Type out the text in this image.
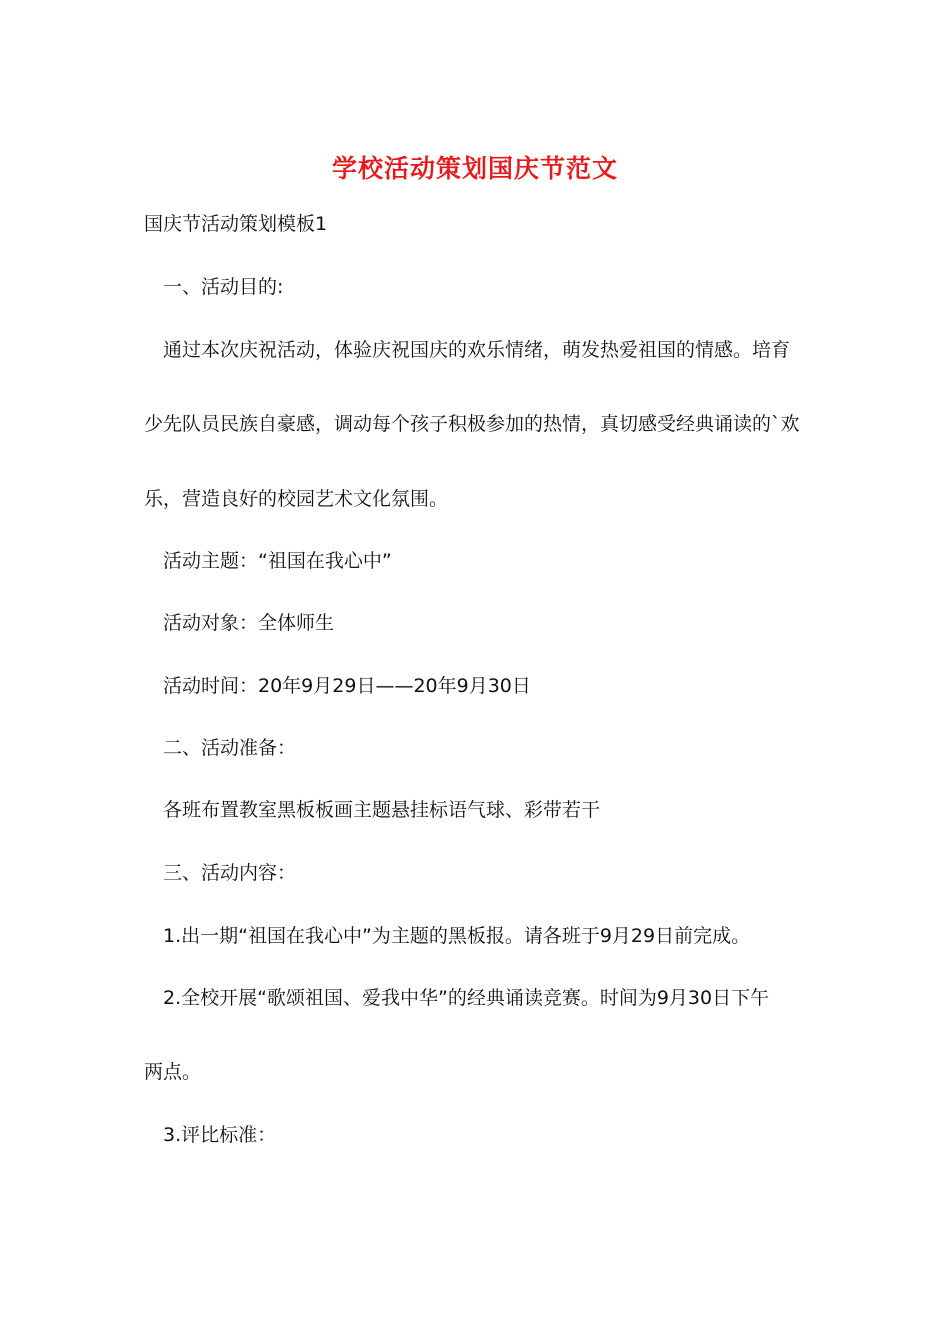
学校活动策划国庆节范文
国庆节活动策划模板1
一、活动目的:
通过本次庆祝活动，体验庆祝国庆的欢乐情绪，萌发热爱祖国的情感。培育
少先队员民族自豪感，调动每个孩子积极参加的热情，真切感受经典诵读的`欢
乐，营造良好的校园艺术文化氛围。
活动主题：“祖国在我心中”
活动对象：全体师生
活动时间：20年9月29日——20年9月30日
二、活动准备：
各班布置教室黑板板画主题悬挂标语气球、彩带若干
三、活动内容：
1.出一期“祖国在我心中”为主题的黑板报。请各班于9月29日前完成。
2.全校开展“歌颂祖国、爱我中华”的经典诵读竞赛。时间为9月30日下午
两点。
3.评比标准：
